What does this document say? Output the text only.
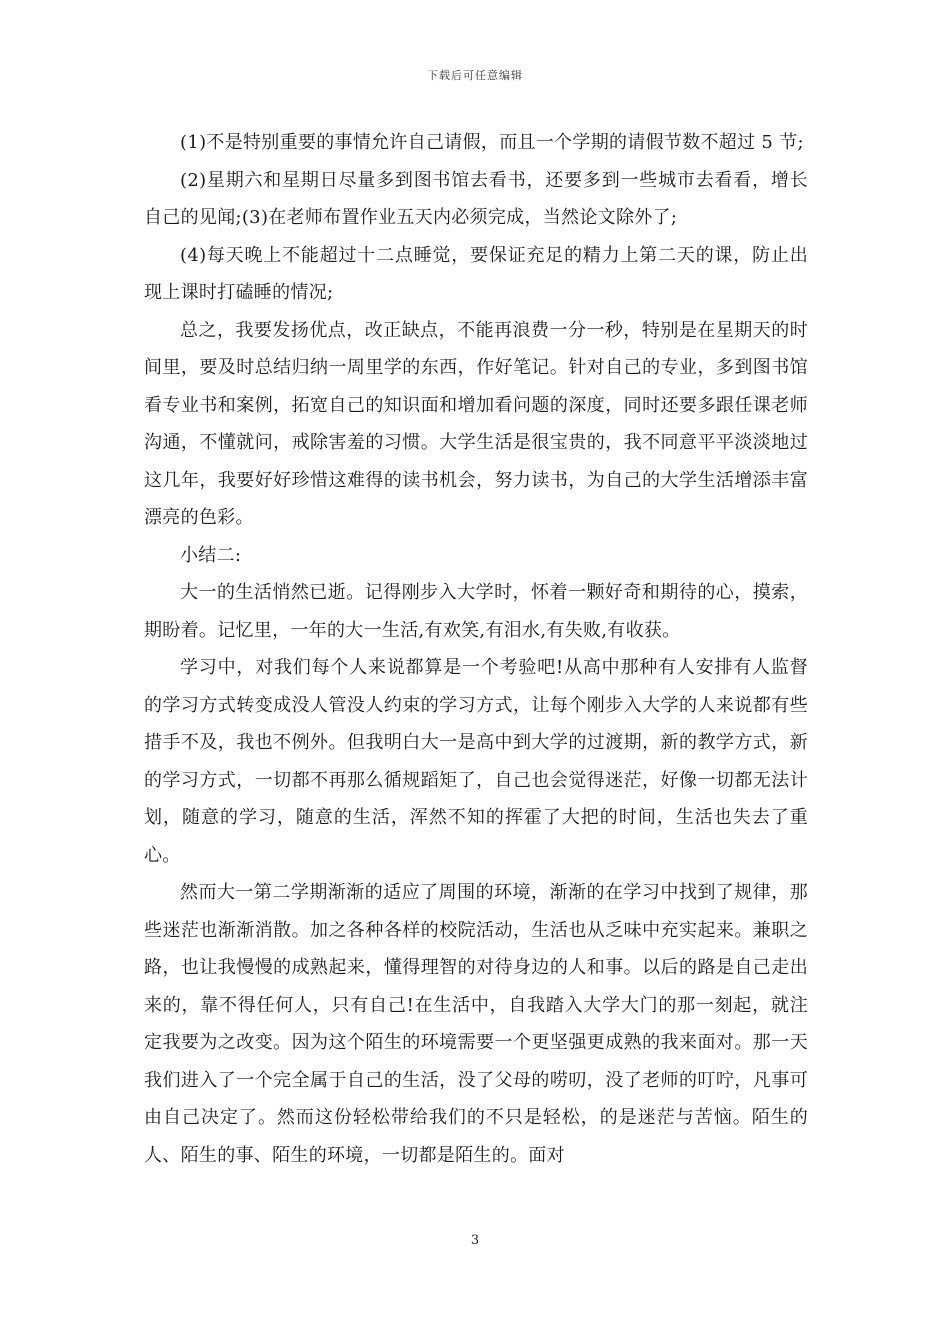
下载后可任意编辑

(1)不是特别重要的事情允许自己请假，而且一个学期的请假节数不超过 5 节;

(2)星期六和星期日尽量多到图书馆去看书，还要多到一些城市去看看，增长自己的见闻;(3)在老师布置作业五天内必须完成，当然论文除外了;

(4)每天晚上不能超过十二点睡觉，要保证充足的精力上第二天的课，防止出现上课时打磕睡的情况;

总之，我要发扬优点，改正缺点，不能再浪费一分一秒，特别是在星期天的时间里，要及时总结归纳一周里学的东西，作好笔记。针对自己的专业，多到图书馆看专业书和案例，拓宽自己的知识面和增加看问题的深度，同时还要多跟任课老师沟通，不懂就问，戒除害羞的习惯。大学生活是很宝贵的，我不同意平平淡淡地过这几年，我要好好珍惜这难得的读书机会，努力读书，为自己的大学生活增添丰富漂亮的色彩。

小结二:

大一的生活悄然已逝。记得刚步入大学时，怀着一颗好奇和期待的心，摸索，期盼着。记忆里，一年的大一生活,有欢笑,有泪水,有失败,有收获。

学习中，对我们每个人来说都算是一个考验吧!从高中那种有人安排有人监督的学习方式转变成没人管没人约束的学习方式，让每个刚步入大学的人来说都有些措手不及，我也不例外。但我明白大一是高中到大学的过渡期，新的教学方式，新的学习方式，一切都不再那么循规蹈矩了，自己也会觉得迷茫，好像一切都无法计划，随意的学习，随意的生活，浑然不知的挥霍了大把的时间，生活也失去了重心。

然而大一第二学期渐渐的适应了周围的环境，渐渐的在学习中找到了规律，那些迷茫也渐渐消散。加之各种各样的校院活动，生活也从乏味中充实起来。兼职之路，也让我慢慢的成熟起来，懂得理智的对待身边的人和事。以后的路是自己走出来的，靠不得任何人，只有自己!在生活中，自我踏入大学大门的那一刻起，就注定我要为之改变。因为这个陌生的环境需要一个更坚强更成熟的我来面对。那一天我们进入了一个完全属于自己的生活，没了父母的唠叨，没了老师的叮咛，凡事可由自己决定了。然而这份轻松带给我们的不只是轻松，的是迷茫与苦恼。陌生的人、陌生的事、陌生的环境，一切都是陌生的。面对

3
